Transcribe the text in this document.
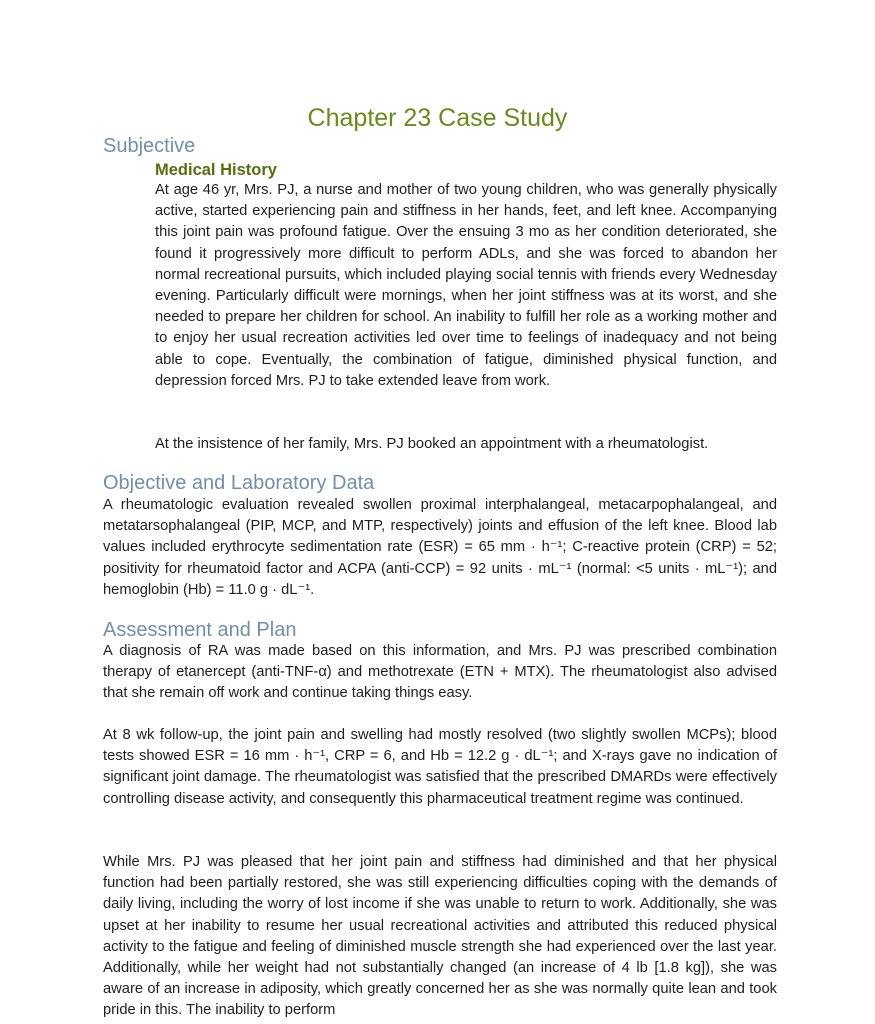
Chapter 23 Case Study
Subjective
Medical History
At age 46 yr, Mrs. PJ, a nurse and mother of two young children, who was generally physically active, started experiencing pain and stiffness in her hands, feet, and left knee. Accompanying this joint pain was profound fatigue. Over the ensuing 3 mo as her condition deteriorated, she found it progressively more difficult to perform ADLs, and she was forced to abandon her normal recreational pursuits, which included playing social tennis with friends every Wednesday evening. Particularly difficult were mornings, when her joint stiffness was at its worst, and she needed to prepare her children for school. An inability to fulfill her role as a working mother and to enjoy her usual recreation activities led over time to feelings of inadequacy and not being able to cope. Eventually, the combination of fatigue, diminished physical function, and depression forced Mrs. PJ to take extended leave from work.
At the insistence of her family, Mrs. PJ booked an appointment with a rheumatologist.
Objective and Laboratory Data
A rheumatologic evaluation revealed swollen proximal interphalangeal, metacarpophalangeal, and metatarsophalangeal (PIP, MCP, and MTP, respectively) joints and effusion of the left knee. Blood lab values included erythrocyte sedimentation rate (ESR) = 65 mm · h⁻¹; C-reactive protein (CRP) = 52; positivity for rheumatoid factor and ACPA (anti-CCP) = 92 units · mL⁻¹ (normal: <5 units · mL⁻¹); and hemoglobin (Hb) = 11.0 g · dL⁻¹.
Assessment and Plan
A diagnosis of RA was made based on this information, and Mrs. PJ was prescribed combination therapy of etanercept (anti-TNF-α) and methotrexate (ETN + MTX). The rheumatologist also advised that she remain off work and continue taking things easy.
At 8 wk follow-up, the joint pain and swelling had mostly resolved (two slightly swollen MCPs); blood tests showed ESR = 16 mm · h⁻¹, CRP = 6, and Hb = 12.2 g · dL⁻¹; and X-rays gave no indication of significant joint damage. The rheumatologist was satisfied that the prescribed DMARDs were effectively controlling disease activity, and consequently this pharmaceutical treatment regime was continued.
While Mrs. PJ was pleased that her joint pain and stiffness had diminished and that her physical function had been partially restored, she was still experiencing difficulties coping with the demands of daily living, including the worry of lost income if she was unable to return to work. Additionally, she was upset at her inability to resume her usual recreational activities and attributed this reduced physical activity to the fatigue and feeling of diminished muscle strength she had experienced over the last year. Additionally, while her weight had not substantially changed (an increase of 4 lb [1.8 kg]), she was aware of an increase in adiposity, which greatly concerned her as she was normally quite lean and took pride in this. The inability to perform
